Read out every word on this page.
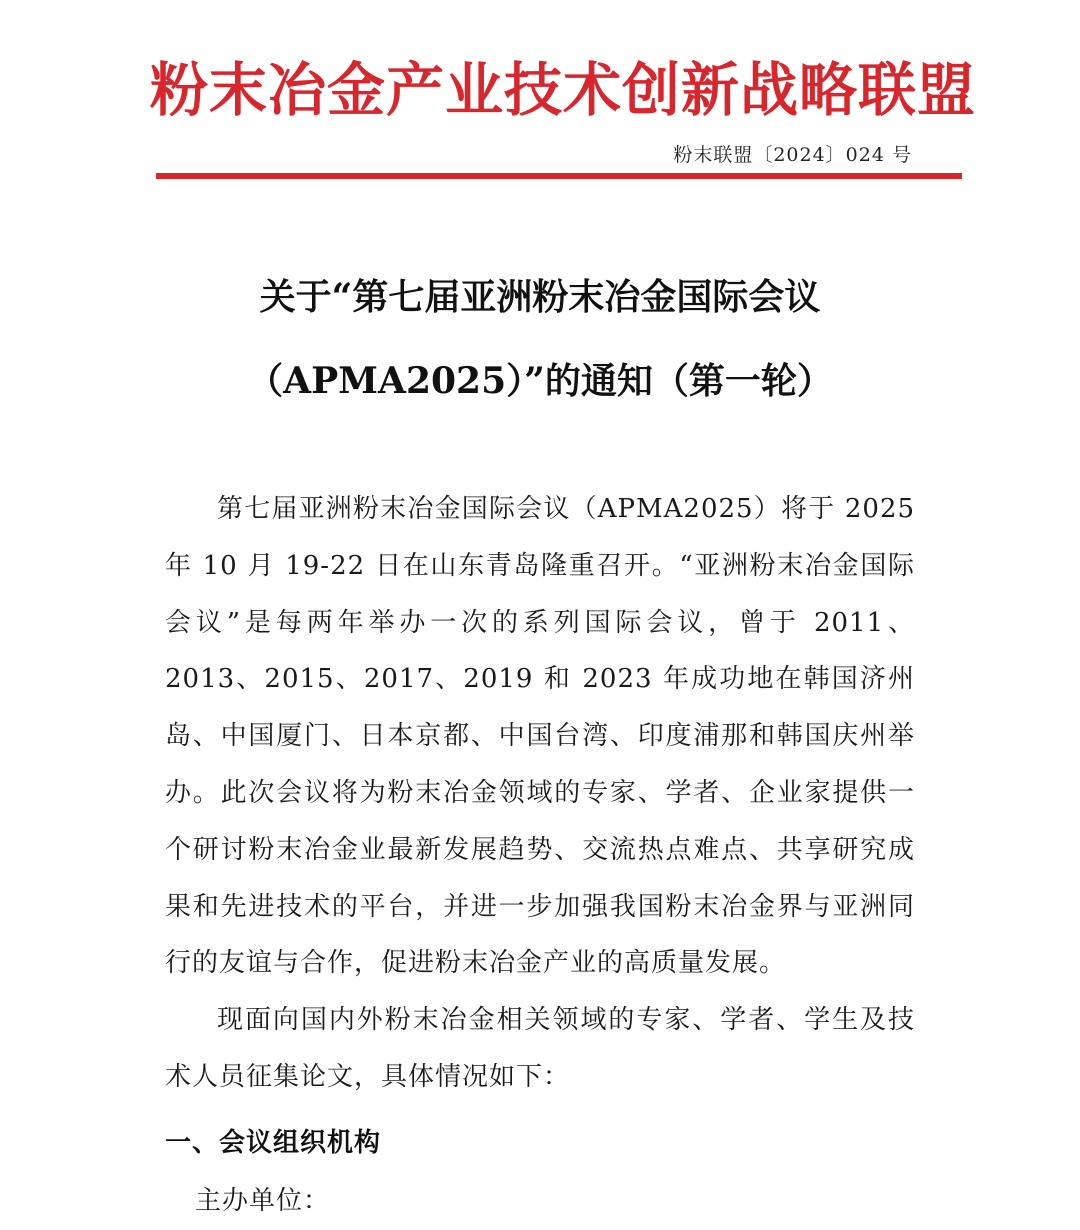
粉末冶金产业技术创新战略联盟
粉末联盟〔2024〕024 号
关于“第七届亚洲粉末冶金国际会议
（APMA2025）”的通知（第一轮）

第七届亚洲粉末冶金国际会议（APMA2025）将于 2025 年 10 月 19-22 日在山东青岛隆重召开。“亚洲粉末冶金国际会议”是每两年举办一次的系列国际会议，曾于 2011、2013、2015、2017、2019 和 2023 年成功地在韩国济州岛、中国厦门、日本京都、中国台湾、印度浦那和韩国庆州举办。此次会议将为粉末冶金领域的专家、学者、企业家提供一个研讨粉末冶金业最新发展趋势、交流热点难点、共享研究成果和先进技术的平台，并进一步加强我国粉末冶金界与亚洲同行的友谊与合作，促进粉末冶金产业的高质量发展。

现面向国内外粉末冶金相关领域的专家、学者、学生及技术人员征集论文，具体情况如下：

一、会议组织机构
主办单位：
